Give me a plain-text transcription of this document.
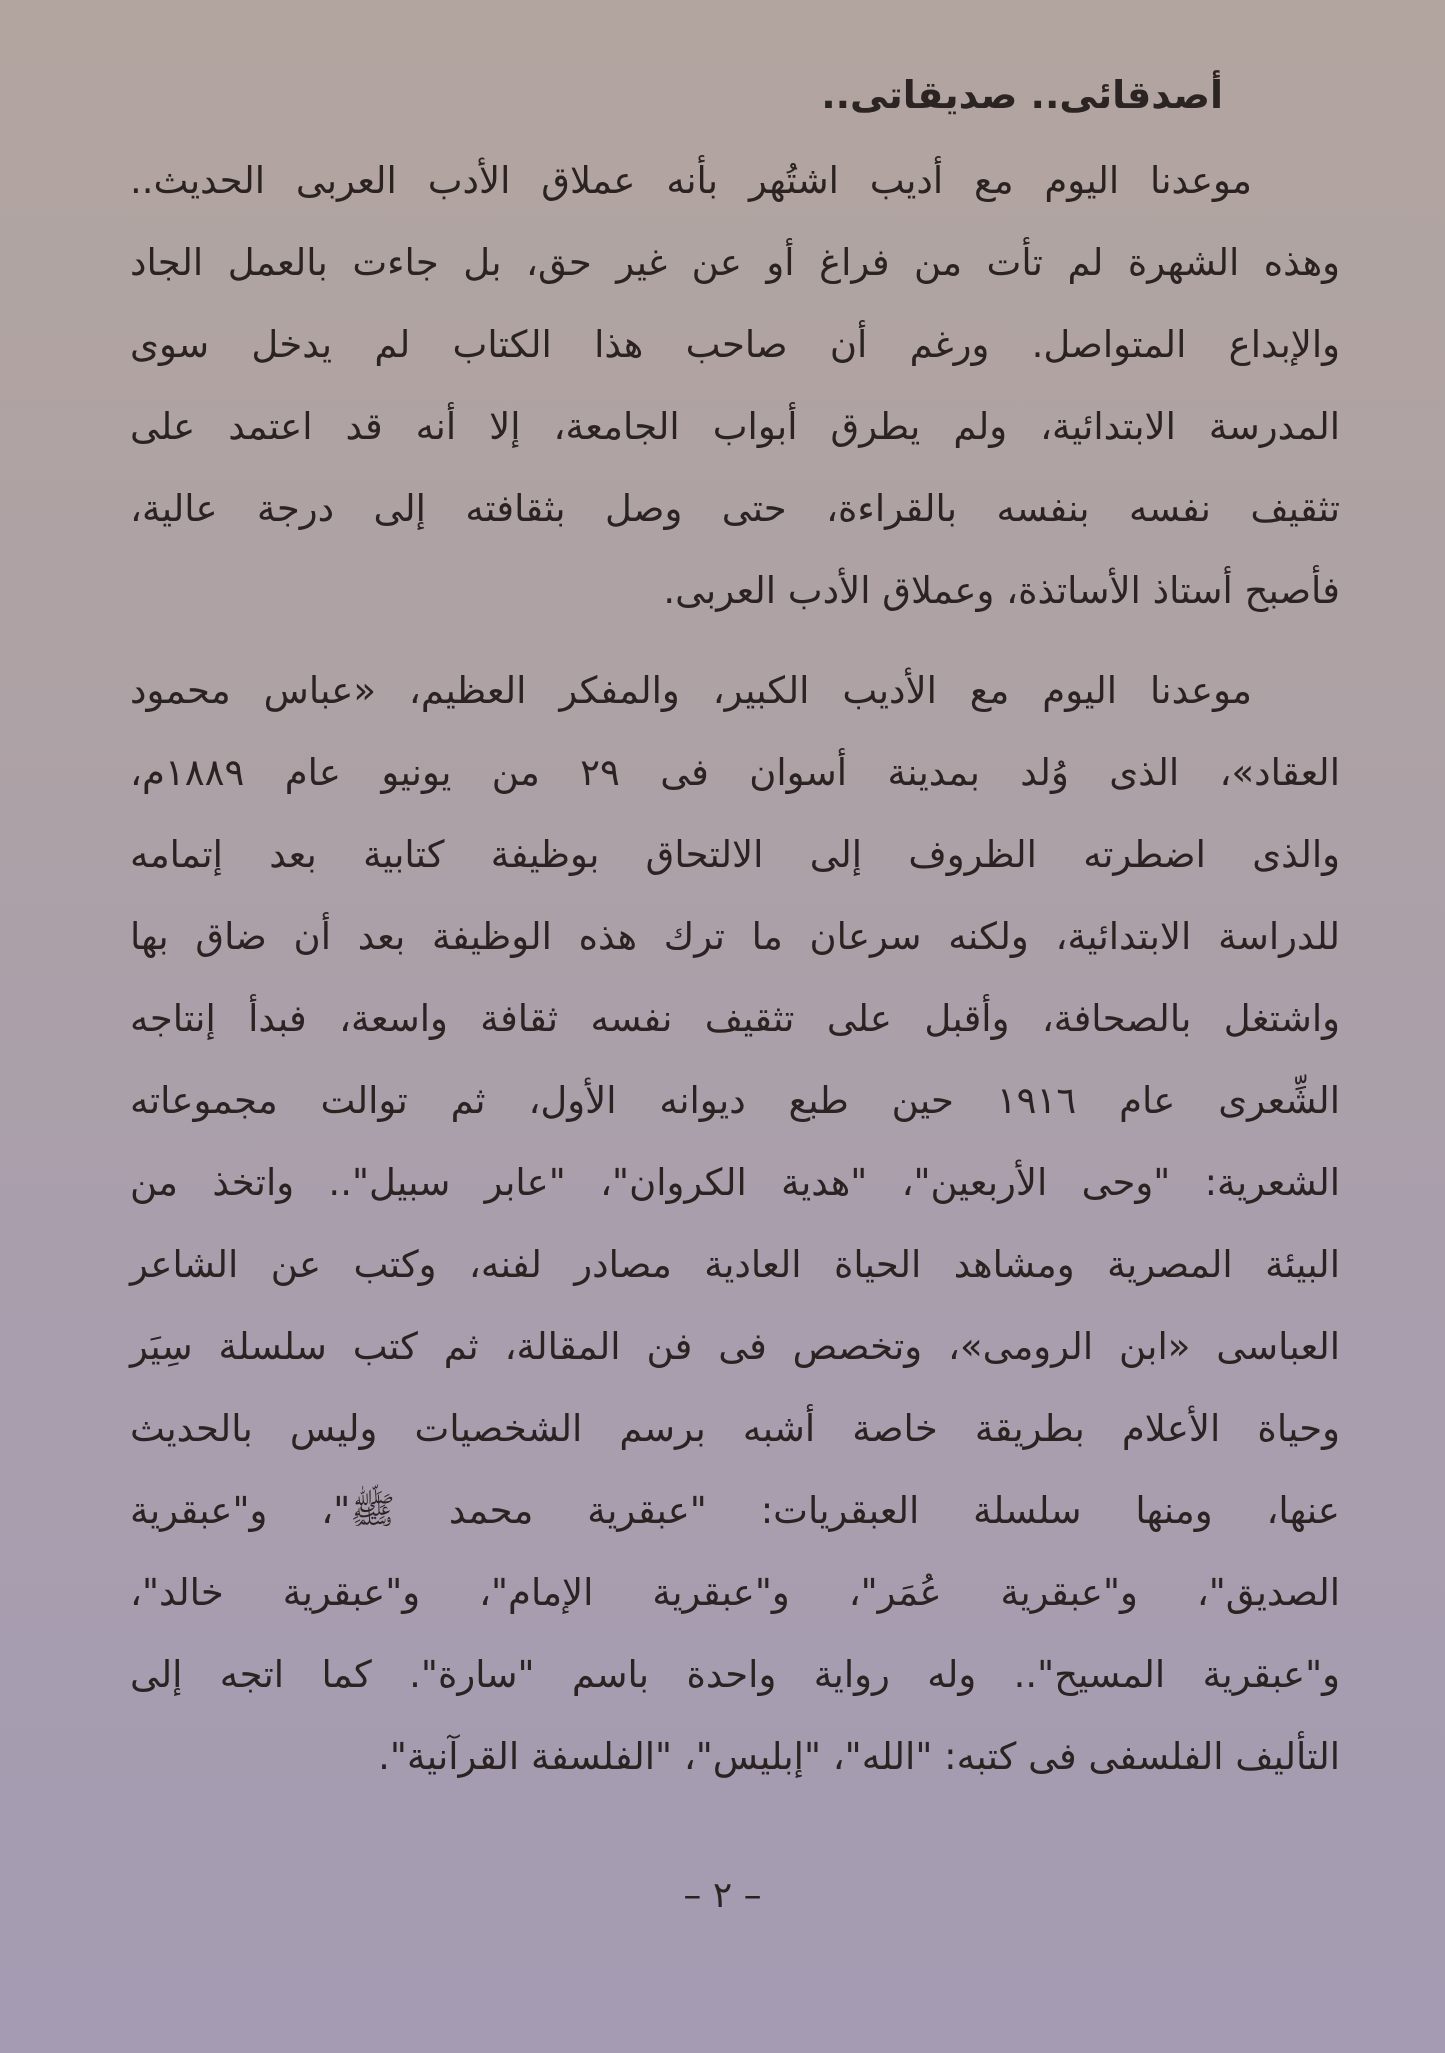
أصدقائى.. صديقاتى..
موعدنا اليوم مع أديب اشتُهر بأنه عملاق الأدب العربى الحديث..
وهذه الشهرة لم تأت من فراغ أو عن غير حق، بل جاءت بالعمل الجاد
والإبداع المتواصل. ورغم أن صاحب هذا الكتاب لم يدخل سوى
المدرسة الابتدائية، ولم يطرق أبواب الجامعة، إلا أنه قد اعتمد على
تثقيف نفسه بنفسه بالقراءة، حتى وصل بثقافته إلى درجة عالية،
فأصبح أستاذ الأساتذة، وعملاق الأدب العربى.
موعدنا اليوم مع الأديب الكبير، والمفكر العظيم، «عباس محمود
العقاد»، الذى وُلد بمدينة أسوان فى ٢٩ من يونيو عام ١٨٨٩م،
والذى اضطرته الظروف إلى الالتحاق بوظيفة كتابية بعد إتمامه
للدراسة الابتدائية، ولكنه سرعان ما ترك هذه الوظيفة بعد أن ضاق بها
واشتغل بالصحافة، وأقبل على تثقيف نفسه ثقافة واسعة، فبدأ إنتاجه
الشِّعرى عام ١٩١٦ حين طبع ديوانه الأول، ثم توالت مجموعاته
الشعرية: "وحى الأربعين"، "هدية الكروان"، "عابر سبيل".. واتخذ من
البيئة المصرية ومشاهد الحياة العادية مصادر لفنه، وكتب عن الشاعر
العباسى «ابن الرومى»، وتخصص فى فن المقالة، ثم كتب سلسلة سِيَر
وحياة الأعلام بطريقة خاصة أشبه برسم الشخصيات وليس بالحديث
عنها، ومنها سلسلة العبقريات: "عبقرية محمد ﷺ"، و"عبقرية
الصديق"، و"عبقرية عُمَر"، و"عبقرية الإمام"، و"عبقرية خالد"،
و"عبقرية المسيح".. وله رواية واحدة باسم "سارة". كما اتجه إلى
التأليف الفلسفى فى كتبه: "الله"، "إبليس"، "الفلسفة القرآنية".
– ٢ –
